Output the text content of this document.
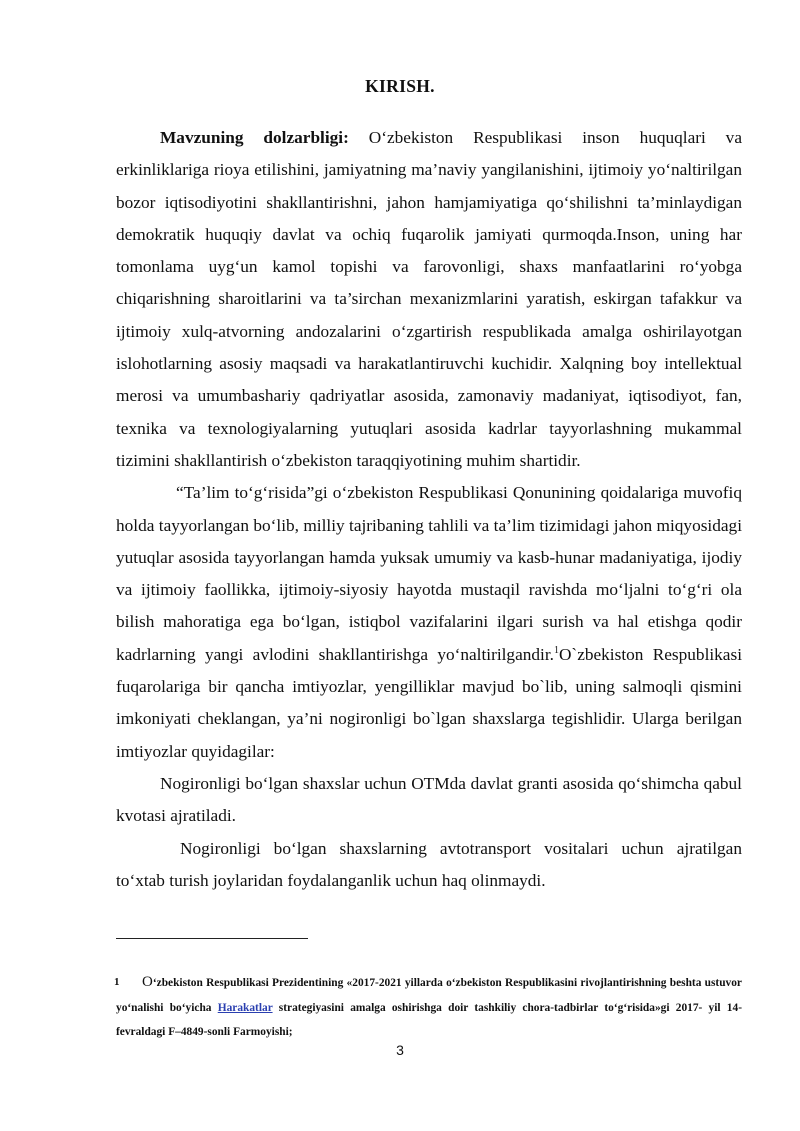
KIRISH.

Mavzuning dolzarbligi: O‘zbekiston Respublikasi inson huquqlari va erkinliklariga rioya etilishini, jamiyatning ma’naviy yangilanishini, ijtimoiy yo‘naltirilgan bozor iqtisodiyotini shakllantirishni, jahon hamjamiyatiga qo‘shilishni ta’minlaydigan demokratik huquqiy davlat va ochiq fuqarolik jamiyati qurmoqda.Inson, uning har tomonlama uyg‘un kamol topishi va farovonligi, shaxs manfaatlarini ro‘yobga chiqarishning sharoitlarini va ta’sirchan mexanizmlarini yaratish, eskirgan tafakkur va ijtimoiy xulq-atvorning andozalarini o‘zgartirish respublikada amalga oshirilayotgan islohotlarning asosiy maqsadi va harakatlantiruvchi kuchidir. Xalqning boy intellektual merosi va umumbashariy qadriyatlar asosida, zamonaviy madaniyat, iqtisodiyot, fan, texnika va texnologiyalarning yutuqlari asosida kadrlar tayyorlashning mukammal tizimini shakllantirish o‘zbekiston taraqqiyotining muhim shartidir.

“Ta’lim to‘g‘risida”gi o‘zbekiston Respublikasi Qonunining qoidalariga muvofiq holda tayyorlangan bo‘lib, milliy tajribaning tahlili va ta’lim tizimidagi jahon miqyosidagi yutuqlar asosida tayyorlangan hamda yuksak umumiy va kasb-hunar madaniyatiga, ijodiy va ijtimoiy faollikka, ijtimoiy-siyosiy hayotda mustaqil ravishda mo‘ljalni to‘g‘ri ola bilish mahoratiga ega bo‘lgan, istiqbol vazifalarini ilgari surish va hal etishga qodir kadrlarning yangi avlodini shakllantirishga yo‘naltirilgandir.$^1$O`zbekiston Respublikasi fuqarolariga bir qancha imtiyozlar, yengilliklar mavjud bo`lib, uning salmoqli qismini imkoniyati cheklangan, ya’ni nogironligi bo`lgan shaxslarga tegishlidir. Ularga berilgan imtiyozlar quyidagilar:

Nogironligi bo‘lgan shaxslar uchun OTMda davlat granti asosida qo‘shimcha qabul kvotasi ajratiladi.

Nogironligi bo‘lgan shaxslarning avtotransport vositalari uchun ajratilgan to‘xtab turish joylaridan foydalanganlik uchun haq olinmaydi.

1	O‘zbekiston Respublikasi Prezidentining «2017-2021 yillarda o‘zbekiston Respublikasini rivojlantirishning beshta ustuvor yo‘nalishi bo‘yicha Harakatlar strategiyasini amalga oshirishga doir tashkiliy chora-tadbirlar to‘g‘risida»gi 2017- yil 14- fevraldagi F–4849-sonli Farmoyishi;

3
